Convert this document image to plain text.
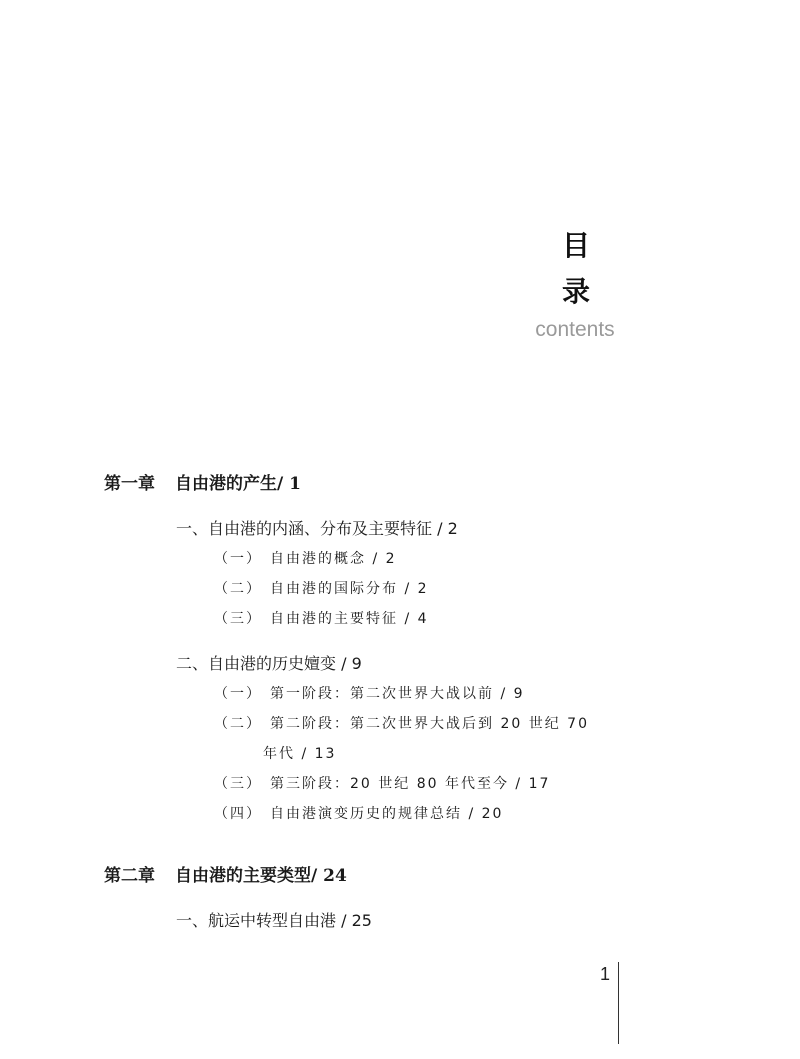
目
录
contents
第一章 自由港的产生/ 1
一、自由港的内涵、分布及主要特征 / 2
（一） 自由港的概念 / 2
（二） 自由港的国际分布 / 2
（三） 自由港的主要特征 / 4
二、自由港的历史嬗变 / 9
（一） 第一阶段：第二次世界大战以前 / 9
（二） 第二阶段：第二次世界大战后到 20 世纪 70
年代 / 13
（三） 第三阶段：20 世纪 80 年代至今 / 17
（四） 自由港演变历史的规律总结 / 20
第二章 自由港的主要类型/ 24
一、航运中转型自由港 / 25
1
